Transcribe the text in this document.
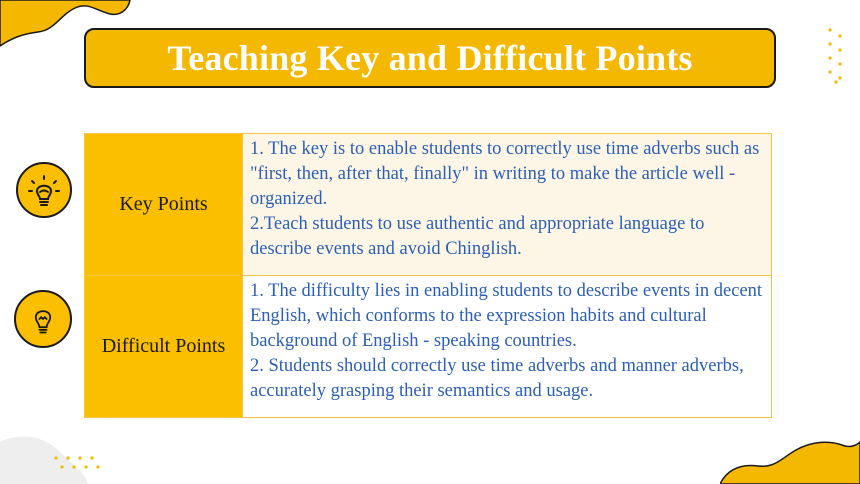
Teaching Key and Difficult Points
Key Points	1. The key is to enable students to correctly use time adverbs such as "first, then, after that, finally" in writing to make the article well - organized.
2.Teach students to use authentic and appropriate language to describe events and avoid Chinglish.

Difficult Points	1. The difficulty lies in enabling students to describe events in decent English, which conforms to the expression habits and cultural background of English - speaking countries.
2. Students should correctly use time adverbs and manner adverbs, accurately grasping their semantics and usage.
